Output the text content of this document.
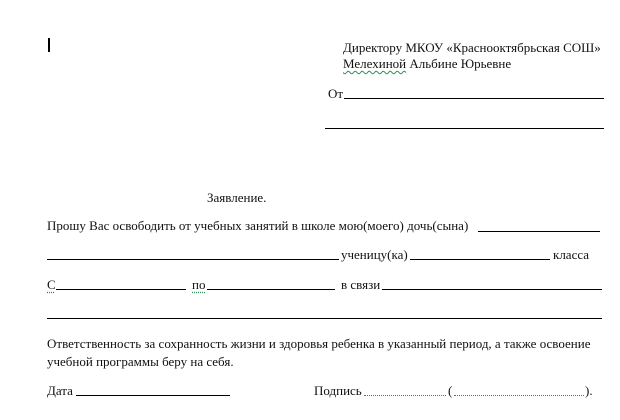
Директору МКОУ «Краснооктябрьская СОШ»
Мелехиной Альбине Юрьевне
От
Заявление.
Прошу Вас освободить от учебных занятий в школе мою(моего) дочь(сына)
ученицу(ка)	класса
С	по	в связи
Ответственность за сохранность жизни и здоровья ребенка в указанный период, а также освоение
учебной программы беру на себя.
Дата	Подпись	(	).
